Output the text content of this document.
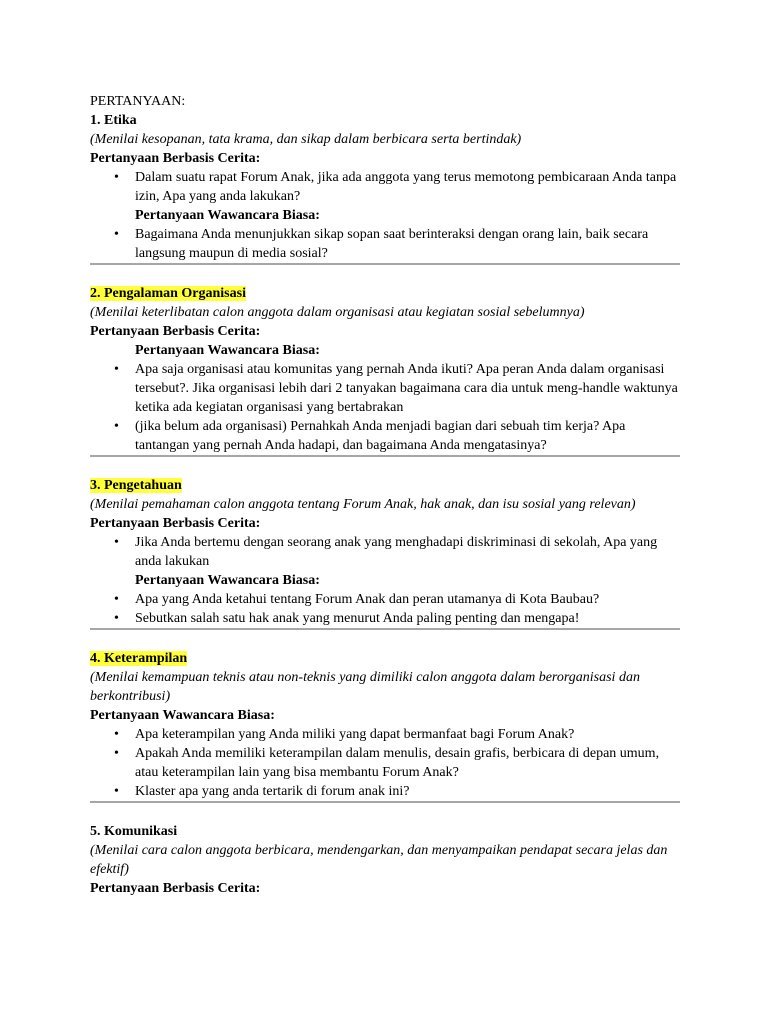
PERTANYAAN:

1. Etika

(Menilai kesopanan, tata krama, dan sikap dalam berbicara serta bertindak)

Pertanyaan Berbasis Cerita:

• Dalam suatu rapat Forum Anak, jika ada anggota yang terus memotong pembicaraan Anda tanpa izin, Apa yang anda lakukan?

Pertanyaan Wawancara Biasa:

• Bagaimana Anda menunjukkan sikap sopan saat berinteraksi dengan orang lain, baik secara langsung maupun di media sosial?

2. Pengalaman Organisasi

(Menilai keterlibatan calon anggota dalam organisasi atau kegiatan sosial sebelumnya)

Pertanyaan Berbasis Cerita:

Pertanyaan Wawancara Biasa:

• Apa saja organisasi atau komunitas yang pernah Anda ikuti? Apa peran Anda dalam organisasi tersebut?. Jika organisasi lebih dari 2 tanyakan bagaimana cara dia untuk meng-handle waktunya ketika ada kegiatan organisasi yang bertabrakan
• (jika belum ada organisasi) Pernahkah Anda menjadi bagian dari sebuah tim kerja? Apa tantangan yang pernah Anda hadapi, dan bagaimana Anda mengatasinya?

3. Pengetahuan

(Menilai pemahaman calon anggota tentang Forum Anak, hak anak, dan isu sosial yang relevan)

Pertanyaan Berbasis Cerita:

• Jika Anda bertemu dengan seorang anak yang menghadapi diskriminasi di sekolah, Apa yang anda lakukan

Pertanyaan Wawancara Biasa:

• Apa yang Anda ketahui tentang Forum Anak dan peran utamanya di Kota Baubau?
• Sebutkan salah satu hak anak yang menurut Anda paling penting dan mengapa!

4. Keterampilan

(Menilai kemampuan teknis atau non-teknis yang dimiliki calon anggota dalam berorganisasi dan berkontribusi)

Pertanyaan Wawancara Biasa:

• Apa keterampilan yang Anda miliki yang dapat bermanfaat bagi Forum Anak?
• Apakah Anda memiliki keterampilan dalam menulis, desain grafis, berbicara di depan umum, atau keterampilan lain yang bisa membantu Forum Anak?
• Klaster apa yang anda tertarik di forum anak ini?

5. Komunikasi

(Menilai cara calon anggota berbicara, mendengarkan, dan menyampaikan pendapat secara jelas dan efektif)

Pertanyaan Berbasis Cerita:
